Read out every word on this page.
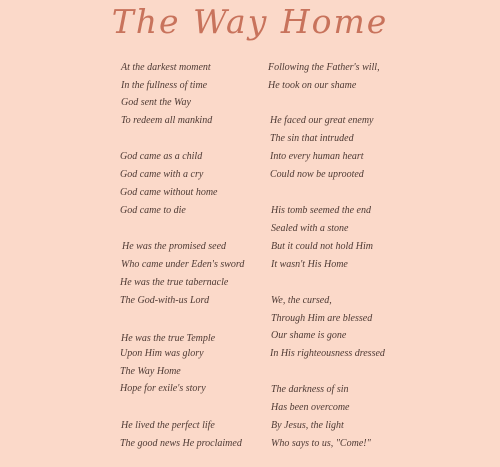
The Way Home
At the darkest moment
In the fullness of time
God sent the Way
To redeem all mankind
God came as a child
God came with a cry
God came without home
God came to die
He was the promised seed
Who came under Eden's sword
He was the true tabernacle
The God-with-us Lord
He was the true Temple
Upon Him was glory
The Way Home
Hope for exile's story
He lived the perfect life
The good news He proclaimed
Following the Father's will,
He took on our shame
He faced our great enemy
The sin that intruded
Into every human heart
Could now be uprooted
His tomb seemed the end
Sealed with a stone
But it could not hold Him
It wasn't His Home
We, the cursed,
Through Him are blessed
Our shame is gone
In His righteousness dressed
The darkness of sin
Has been overcome
By Jesus, the light
Who says to us, "Come!"
